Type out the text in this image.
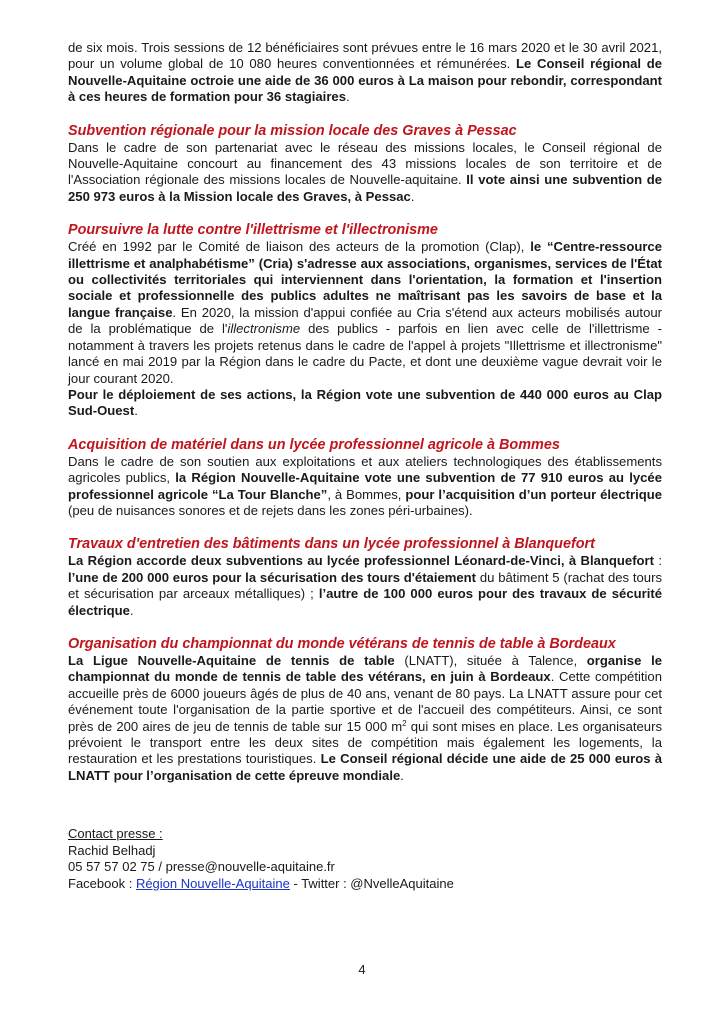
de six mois. Trois sessions de 12 bénéficiaires sont prévues entre le 16 mars 2020 et le 30 avril 2021, pour un volume global de 10 080 heures conventionnées et rémunérées. Le Conseil régional de Nouvelle-Aquitaine octroie une aide de 36 000 euros à La maison pour rebondir, correspondant à ces heures de formation pour 36 stagiaires.

Subvention régionale pour la mission locale des Graves à Pessac

Dans le cadre de son partenariat avec le réseau des missions locales, le Conseil régional de Nouvelle-Aquitaine concourt au financement des 43 missions locales de son territoire et de l'Association régionale des missions locales de Nouvelle-aquitaine. Il vote ainsi une subvention de 250 973 euros à la Mission locale des Graves, à Pessac.

Poursuivre la lutte contre l'illettrisme et l'illectronisme

Créé en 1992 par le Comité de liaison des acteurs de la promotion (Clap), le “Centre-ressource illettrisme et analphabétisme” (Cria) s'adresse aux associations, organismes, services de l'État ou collectivités territoriales qui interviennent dans l'orientation, la formation et l'insertion sociale et professionnelle des publics adultes ne maîtrisant pas les savoirs de base et la langue française. En 2020, la mission d'appui confiée au Cria s'étend aux acteurs mobilisés autour de la problématique de l'illectronisme des publics - parfois en lien avec celle de l'illettrisme - notamment à travers les projets retenus dans le cadre de l'appel à projets "Illettrisme et illectronisme" lancé en mai 2019 par la Région dans le cadre du Pacte, et dont une deuxième vague devrait voir le jour courant 2020.

Pour le déploiement de ses actions, la Région vote une subvention de 440 000 euros au Clap Sud-Ouest.

Acquisition de matériel dans un lycée professionnel agricole à Bommes

Dans le cadre de son soutien aux exploitations et aux ateliers technologiques des établissements agricoles publics, la Région Nouvelle-Aquitaine vote une subvention de 77 910 euros au lycée professionnel agricole “La Tour Blanche”, à Bommes, pour l’acquisition d’un porteur électrique (peu de nuisances sonores et de rejets dans les zones péri-urbaines).

Travaux d'entretien des bâtiments dans un lycée professionnel à Blanquefort

La Région accorde deux subventions au lycée professionnel Léonard-de-Vinci, à Blanquefort : l’une de 200 000 euros pour la sécurisation des tours d'étaiement du bâtiment 5 (rachat des tours et sécurisation par arceaux métalliques) ; l’autre de 100 000 euros pour des travaux de sécurité électrique.

Organisation du championnat du monde vétérans de tennis de table à Bordeaux

La Ligue Nouvelle-Aquitaine de tennis de table (LNATT), située à Talence, organise le championnat du monde de tennis de table des vétérans, en juin à Bordeaux. Cette compétition accueille près de 6000 joueurs âgés de plus de 40 ans, venant de 80 pays. La LNATT assure pour cet événement toute l'organisation de la partie sportive et de l'accueil des compétiteurs. Ainsi, ce sont près de 200 aires de jeu de tennis de table sur 15 000 $m^2$ qui sont mises en place. Les organisateurs prévoient le transport entre les deux sites de compétition mais également les logements, la restauration et les prestations touristiques. Le Conseil régional décide une aide de 25 000 euros à LNATT pour l’organisation de cette épreuve mondiale.

Contact presse :
Rachid Belhadj
05 57 57 02 75 / presse@nouvelle-aquitaine.fr
Facebook : Région Nouvelle-Aquitaine - Twitter : @NvelleAquitaine
4
